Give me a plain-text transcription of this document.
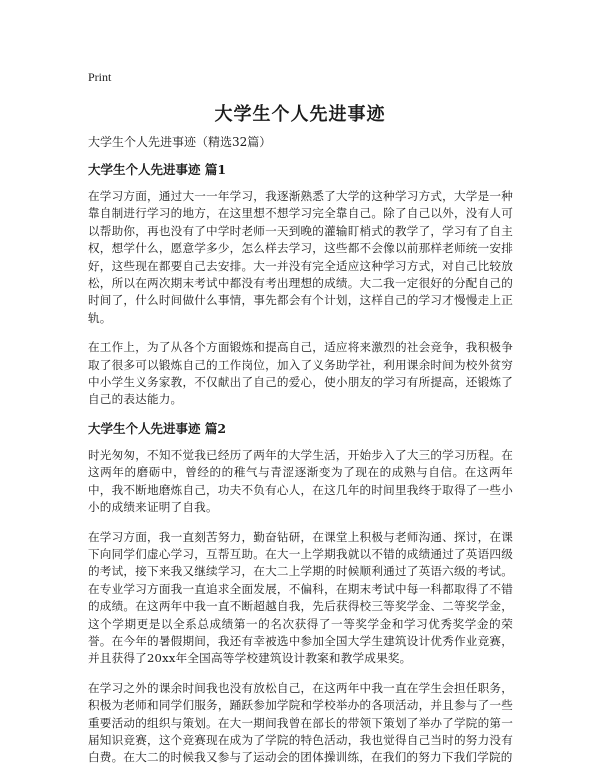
Print
大学生个人先进事迹

大学生个人先进事迹（精选32篇）

大学生个人先进事迹 篇1

在学习方面，通过大一一年学习，我逐渐熟悉了大学的这种学习方式，大学是一种靠自制进行学习的地方，在这里想不想学习完全靠自己。除了自己以外，没有人可以帮助你，再也没有了中学时老师一天到晚的灌输盯梢式的教学了，学习有了自主权，想学什么，愿意学多少，怎么样去学习，这些都不会像以前那样老师统一安排好，这些现在都要自己去安排。大一并没有完全适应这种学习方式，对自己比较放松，所以在两次期末考试中都没有考出理想的成绩。大二我一定很好的分配自己的时间了，什么时间做什么事情，事先都会有个计划，这样自己的学习才慢慢走上正轨。

在工作上，为了从各个方面锻炼和提高自己，适应将来激烈的社会竞争，我积极争取了很多可以锻炼自己的工作岗位，加入了义务助学社，利用课余时间为校外贫穷中小学生义务家教，不仅献出了自己的爱心，使小朋友的学习有所提高，还锻炼了自己的表达能力。

大学生个人先进事迹 篇2

时光匆匆，不知不觉我已经历了两年的大学生活，开始步入了大三的学习历程。在这两年的磨砺中，曾经的的稚气与青涩逐渐变为了现在的成熟与自信。在这两年中，我不断地磨炼自己，功夫不负有心人，在这几年的时间里我终于取得了一些小小的成绩来证明了自我。

在学习方面，我一直刻苦努力，勤奋钻研，在课堂上积极与老师沟通、探讨，在课下向同学们虚心学习，互帮互助。在大一上学期我就以不错的成绩通过了英语四级的考试，接下来我又继续学习，在大二上学期的时候顺利通过了英语六级的考试。在专业学习方面我一直追求全面发展，不偏科，在期末考试中每一科都取得了不错的成绩。在这两年中我一直不断超越自我，先后获得校三等奖学金、二等奖学金，这个学期更是以全系总成绩第一的名次获得了一等奖学金和学习优秀奖学金的荣誉。在今年的暑假期间，我还有幸被选中参加全国大学生建筑设计优秀作业竞赛，并且获得了20xx年全国高等学校建筑设计教案和教学成果奖。

在学习之外的课余时间我也没有放松自己，在这两年中我一直在学生会担任职务，积极为老师和同学们服务，踊跃参加学院和学校举办的各项活动，并且参与了一些重要活动的组织与策划。在大一期间我曾在部长的带领下策划了举办了学院的第一届知识竞赛，这个竞赛现在成为了学院的特色活动，我也觉得自己当时的努力没有白费。在大二的时候我又参与了运动会的团体操训练，在我们的努力下我们学院的
